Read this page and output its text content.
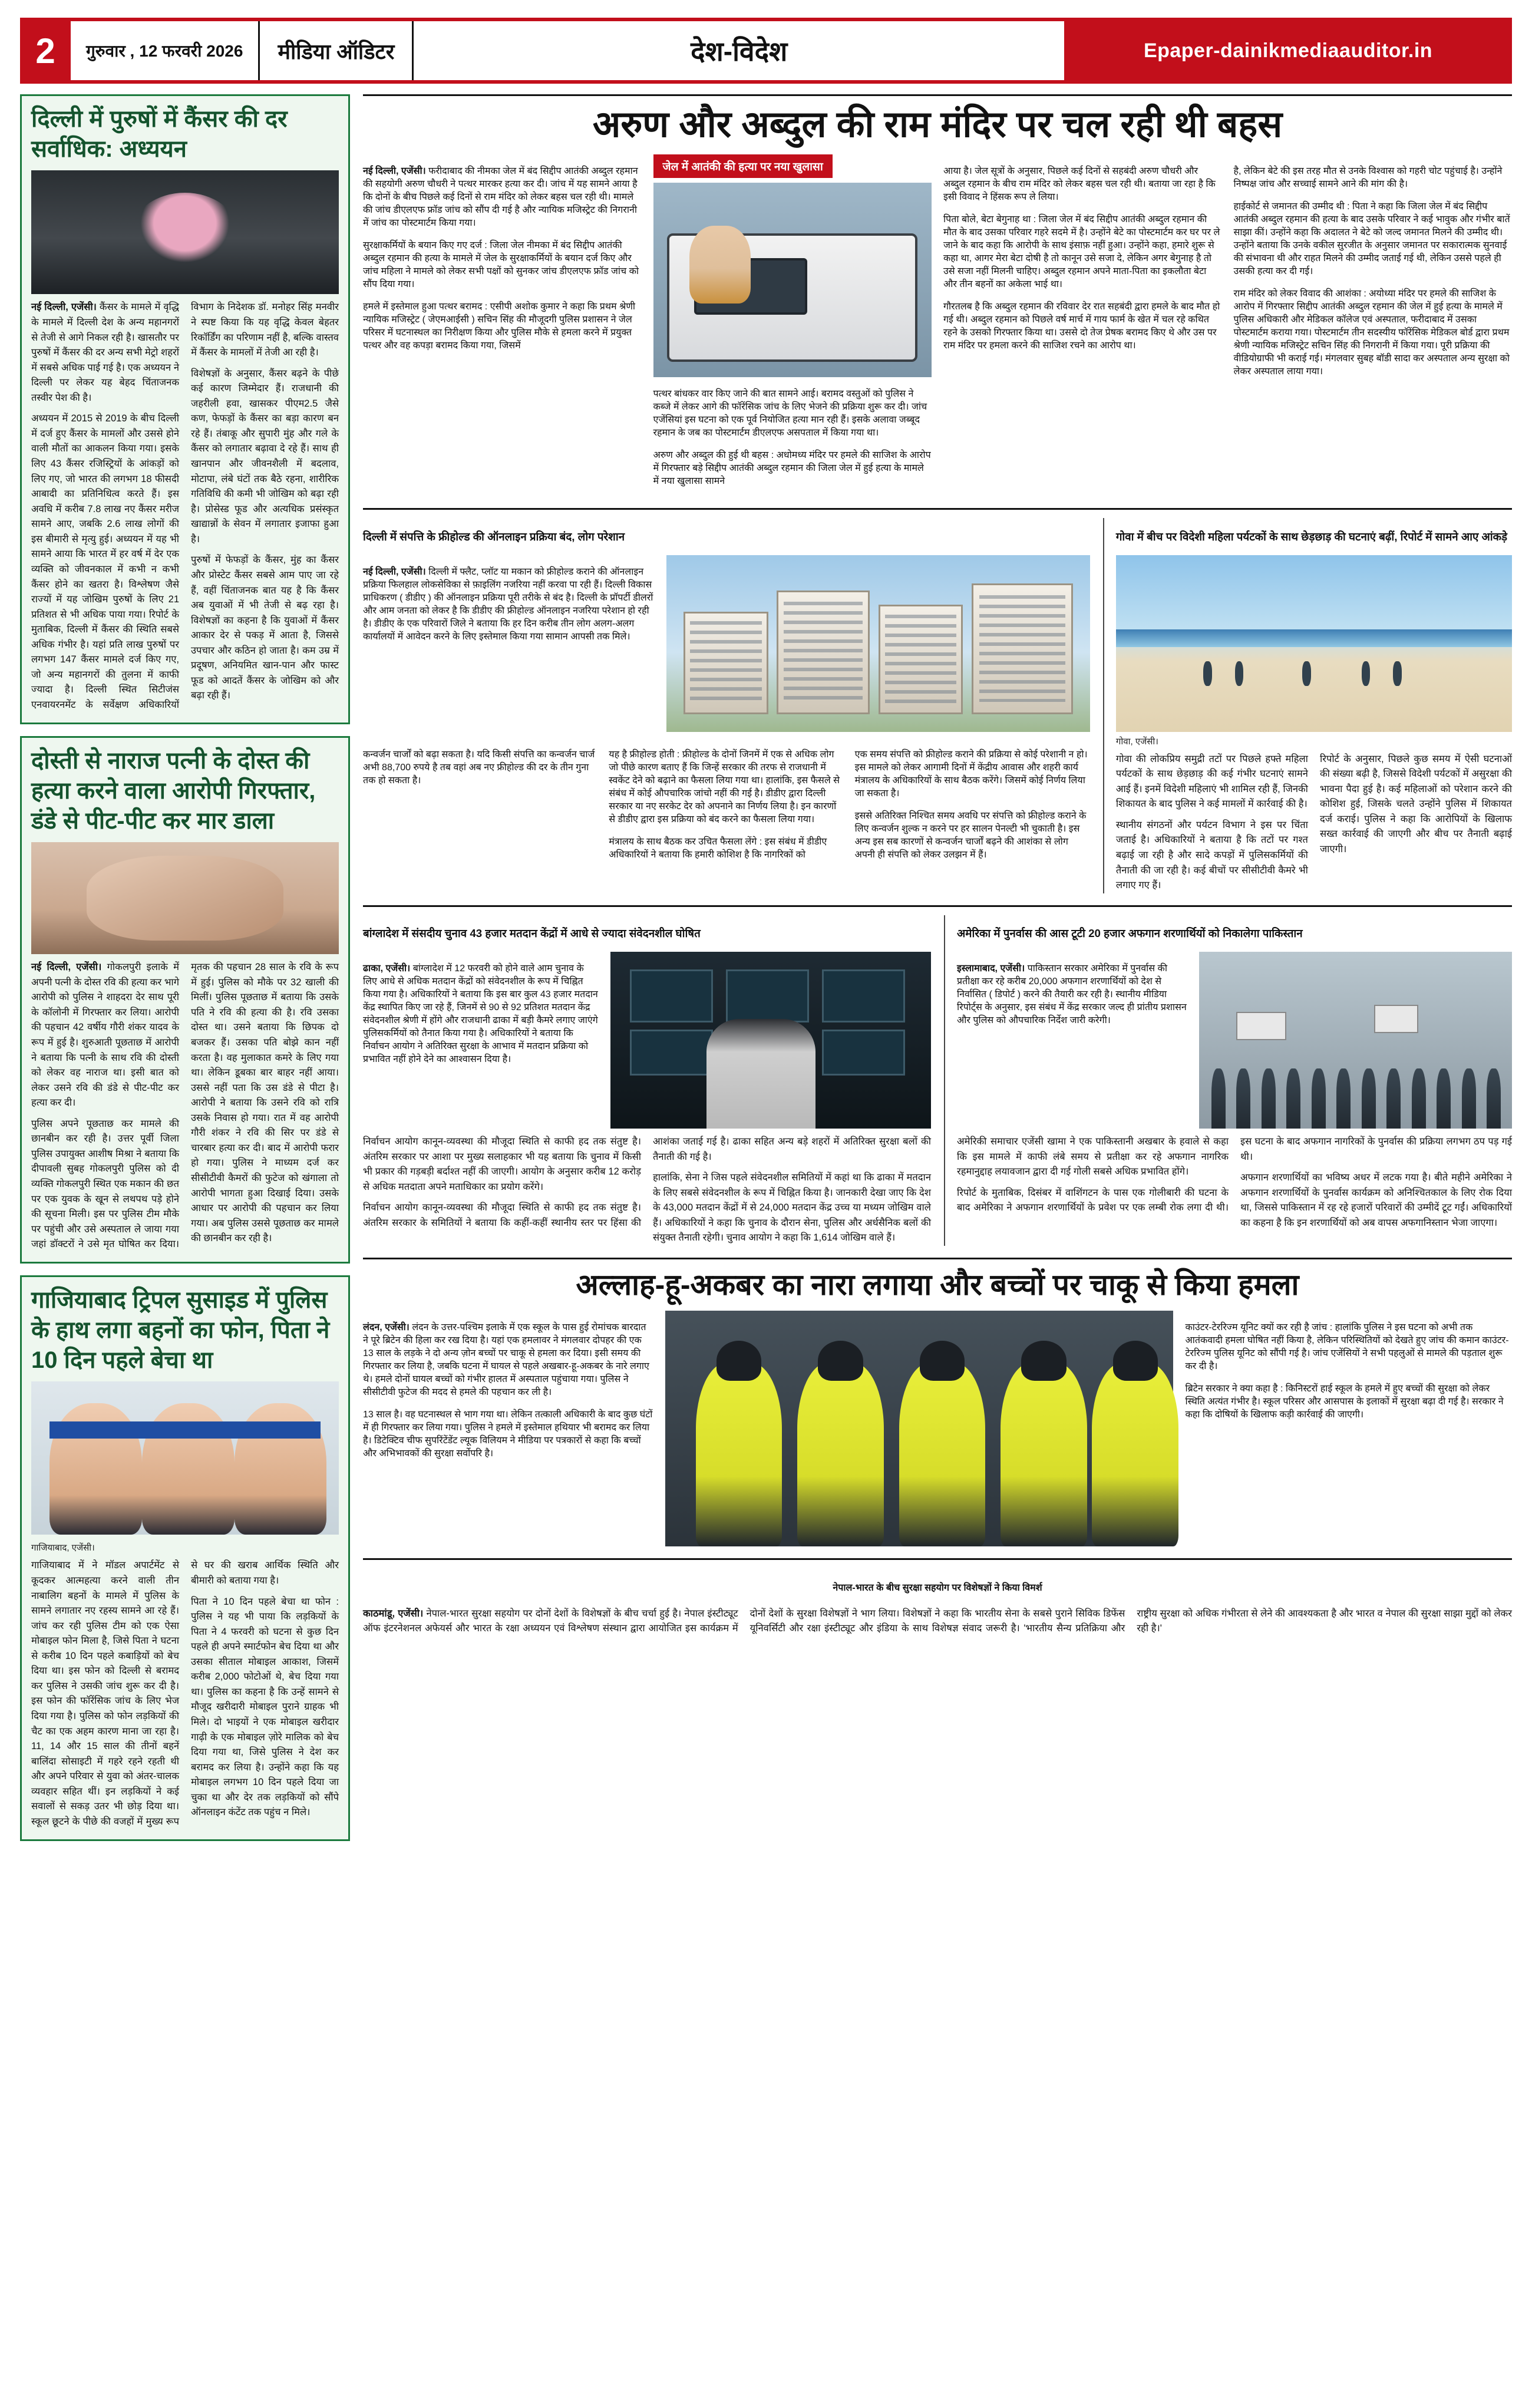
2	गुरुवार , 12 फरवरी 2026	मीडिया ऑडिटर	देश-विदेश	Epaper-dainikmediaauditor.in
दिल्ली में पुरुषों में कैंसर की दर सर्वाधिक: अध्ययन

नई दिल्ली, एजेंसी। कैंसर के मामले में वृद्धि के मामले में दिल्ली देश के अन्य महानगरों से तेजी से आगे निकल रही है। खासतौर पर पुरुषों में कैंसर की दर अन्य सभी मेट्रो शहरों में सबसे अधिक पाई गई है। एक अध्ययन ने दिल्ली पर लेकर यह बेहद चिंताजनक तस्वीर पेश की है।

अध्ययन में 2015 से 2019 के बीच दिल्ली में दर्ज हुए कैंसर के मामलों और उससे होने वाली मौतों का आकलन किया गया। इसके लिए 43 कैंसर रजिस्ट्रियों के आंकड़ों को लिए गए, जो भारत की लगभग 18 फीसदी आबादी का प्रतिनिधित्व करते हैं। इस अवधि में करीब 7.8 लाख नए कैंसर मरीज सामने आए, जबकि 2.6 लाख लोगों की इस बीमारी से मृत्यु हुई। अध्ययन में यह भी सामने आया कि भारत में हर वर्ष में देर एक व्यक्ति को जीवनकाल में कभी न कभी कैंसर होने का खतरा है। विश्लेषण जैसे राज्यों में यह जोखिम पुरुषों के लिए 21 प्रतिशत से भी अधिक पाया गया। रिपोर्ट के मुताबिक, दिल्ली में कैंसर की स्थिति सबसे अधिक गंभीर है। यहां प्रति लाख पुरुषों पर लगभग 147 कैंसर मामले दर्ज किए गए, जो अन्य महानगरों की तुलना में काफी ज्यादा है। दिल्ली स्थित सिटीजंस एनवायरनमेंट के सर्वेक्षण अधिकारियों विभाग के निदेशक डॉ. मनोहर सिंह मनवीर ने स्पष्ट किया कि यह वृद्धि केवल बेहतर रिकॉर्डिंग का परिणाम नहीं है, बल्कि वास्तव में कैंसर के मामलों में तेजी आ रही है।

विशेषज्ञों के अनुसार, कैंसर बढ़ने के पीछे कई कारण जिम्मेदार हैं। राजधानी की जहरीली हवा, खासकर पीएम2.5 जैसे कण, फेफड़ों के कैंसर का बड़ा कारण बन रहे हैं। तंबाकू और सुपारी मुंह और गले के कैंसर को लगातार बढ़ावा दे रहे हैं। साथ ही खानपान और जीवनशैली में बदलाव, मोटापा, लंबे घंटों तक बैठे रहना, शारीरिक गतिविधि की कमी भी जोखिम को बढ़ा रही है। प्रोसेस्ड फूड और अत्यधिक प्रसंस्कृत खाद्यान्नों के सेवन में लगातार इजाफा हुआ है।

पुरुषों में फेफड़ों के कैंसर, मुंह का कैंसर और प्रोस्टेट कैंसर सबसे आम पाए जा रहे हैं, वहीं चिंताजनक बात यह है कि कैंसर अब युवाओं में भी तेजी से बढ़ रहा है। विशेषज्ञों का कहना है कि युवाओं में कैंसर आकार देर से पकड़ में आता है, जिससे उपचार और कठिन हो जाता है। कम उम्र में प्रदूषण, अनियमित खान-पान और फास्ट फूड को आदतें कैंसर के जोखिम को और बढ़ा रही हैं।

दोस्ती से नाराज पत्नी के दोस्त की हत्या करने वाला आरोपी गिरफ्तार, डंडे से पीट-पीट कर मार डाला

नई दिल्ली, एजेंसी। गोकलपुरी इलाके में अपनी पत्नी के दोस्त रवि की हत्या कर भागे आरोपी को पुलिस ने शाहदरा देर साथ पूरी के कॉलोनी में गिरफ्तार कर लिया। आरोपी की पहचान 42 वर्षीय गौरी शंकर यादव के रूप में हुई है। शुरुआती पूछताछ में आरोपी ने बताया कि पत्नी के साथ रवि की दोस्ती को लेकर वह नाराज था। इसी बात को लेकर उसने रवि की डंडे से पीट-पीट कर हत्या कर दी।

पुलिस अपने पूछताछ कर मामले की छानबीन कर रही है। उत्तर पूर्वी जिला पुलिस उपायुक्त आशीष मिश्रा ने बताया कि दीपावली सुबह गोकलपुरी पुलिस को दी व्यक्ति गोकलपुरी स्थित एक मकान की छत पर एक युवक के खून से लथपथ पड़े होने की सूचना मिली। इस पर पुलिस टीम मौके पर पहुंची और उसे अस्पताल ले जाया गया जहां डॉक्टरों ने उसे मृत घोषित कर दिया। मृतक की पहचान 28 साल के रवि के रूप में हुई। पुलिस को मौके पर 32 खाली की मिलीं। पुलिस पूछताछ में बताया कि उसके पति ने रवि की हत्या की है। रवि उसका दोस्त था। उसने बताया कि छिपक दो बजकर हैं। उसका पति बोझे कान नहीं करता है। वह मुलाकात कमरे के लिए गया था। लेकिन डूबका बार बाहर नहीं आया। उससे नहीं पता कि उस डंडे से पीटा है। आरोपी ने बताया कि उसने रवि को रात्रि उसके निवास हो गया। रात में वह आरोपी गौरी शंकर ने रवि की सिर पर डंडे से चारबार हत्या कर दी। बाद में आरोपी फरार हो गया। पुलिस ने माध्यम दर्ज कर सीसीटीवी कैमरों की फुटेज को खंगाला तो आरोपी भागता हुआ दिखाई दिया। उसके आधार पर आरोपी की पहचान कर लिया गया। अब पुलिस उससे पूछताछ कर मामले की छानबीन कर रही है।

गाजियाबाद ट्रिपल सुसाइड में पुलिस के हाथ लगा बहनों का फोन, पिता ने 10 दिन पहले बेचा था
गाजियाबाद, एजेंसी।

गाजियाबाद में ने मॉडल अपार्टमेंट से कूदकर आत्महत्या करने वाली तीन नाबालिग बहनों के मामले में पुलिस के सामने लगातार नए रहस्य सामने आ रहे हैं। जांच कर रही पुलिस टीम को एक ऐसा मोबाइल फोन मिला है, जिसे पिता ने घटना से करीब 10 दिन पहले कबाड़ियों को बेच दिया था। इस फोन को दिल्ली से बरामद कर पुलिस ने उसकी जांच शुरू कर दी है। इस फोन की फॉरेंसिक जांच के लिए भेज दिया गया है। पुलिस को फोन लड़कियों की चैट का एक अहम कारण माना जा रहा है। 11, 14 और 15 साल की तीनों बहनें बालिंदा सोसाइटी में गहरे रहने रहती थी और अपने परिवार से युवा को अंतर-चालक व्यवहार सहित थीं। इन लड़कियों ने कई सवालों से सकड़ उतर भी छोड़ दिया था। स्कूल छूटने के पीछे की वजहों में मुख्य रूप से घर की खराब आर्थिक स्थिति और बीमारी को बताया गया है।

पिता ने 10 दिन पहले बेचा था फोन : पुलिस ने यह भी पाया कि लड़कियों के पिता ने 4 फरवरी को घटना से कुछ दिन पहले ही अपने स्मार्टफोन बेच दिया था और उसका सीताल मोबाइल आकाश, जिसमें करीब 2,000 फोटोओं थे, बेच दिया गया था। पुलिस का कहना है कि उन्हें सामने से मौजूद खरीदारी मोबाइल पुराने ग्राहक भी मिले। दो भाइयों ने एक मोबाइल खरीदार गाढ़ी के एक मोबाइल ज़ोरे मालिक को बेच दिया गया था, जिसे पुलिस ने देश कर बरामद कर लिया है। उन्होंने कहा कि यह मोबाइल लगभग 10 दिन पहले दिया जा चुका था और देर तक लड़कियों को सौंपे ऑनलाइन कंटेंट तक पहुंच न मिले।

अरुण और अब्दुल की राम मंदिर पर चल रही थी बहस

नई दिल्ली, एजेंसी। फरीदाबाद की नीमका जेल में बंद सिद्दीप आतंकी अब्दुल रहमान की सहयोगी अरुण चौधरी ने पत्थर मारकर हत्या कर दी। जांच में यह सामने आया है कि दोनों के बीच पिछले कई दिनों से राम मंदिर को लेकर बहस चल रही थी। मामले की जांच डीएलएफ फ्रॉड जांच को सौंप दी गई है और न्यायिक मजिस्ट्रेट की निगरानी में जांच का पोस्टमार्टम किया गया।

सुरक्षाकर्मियों के बयान किए गए दर्ज : जिला जेल नीमका में बंद सिद्दीप आतंकी अब्दुल रहमान की हत्या के मामले में जेल के सुरक्षाकर्मियों के बयान दर्ज किए और जांच महिला ने मामले को लेकर सभी पक्षों को सुनकर जांच डीएलएफ फ्रॉड जांच को सौंप दिया गया।

हमले में इस्तेमाल हुआ पत्थर बरामद : एसीपी अशोक कुमार ने कहा कि प्रथम श्रेणी न्यायिक मजिस्ट्रेट ( जेएमआईसी ) सचिन सिंह की मौजूदगी पुलिस प्रशासन ने जेल परिसर में घटनास्थल का निरीक्षण किया और पुलिस मौके से हमला करने में प्रयुक्त पत्थर और वह कपड़ा बरामद किया गया, जिसमें

जेल में आतंकी की हत्या पर नया खुलासा

पत्थर बांधकर वार किए जाने की बात सामने आई। बरामद वस्तुओं को पुलिस ने कब्जे में लेकर आगे की फॉरेंसिक जांच के लिए भेजने की प्रक्रिया शुरू कर दी। जांच एजेंसियां इस घटना को एक पूर्व नियोजित हत्या मान रही हैं। इसके अलावा जब्बूद रहमान के जब का पोस्टमार्टम डीएलएफ असपताल में किया गया था।

अरुण और अब्दुल की हुई थी बहस : अधोमध्य मंदिर पर हमले की साजिश के आरोप में गिरफ्तार बड़े सिद्दीप आतंकी अब्दुल रहमान की जिला जेल में हुई हत्या के मामले में नया खुलासा सामने

आया है। जेल सूत्रों के अनुसार, पिछले कई दिनों से सहबंदी अरुण चौधरी और अब्दुल रहमान के बीच राम मंदिर को लेकर बहस चल रही थी। बताया जा रहा है कि इसी विवाद ने हिंसक रूप ले लिया।

पिता बोले, बेटा बेगुनाह था : जिला जेल में बंद सिद्दीप आतंकी अब्दुल रहमान की मौत के बाद उसका परिवार गहरे सदमे में है। उन्होंने बेटे का पोस्टमार्टम कर घर पर ले जाने के बाद कहा कि आरोपी के साथ इंसाफ़ नहीं हुआ। उन्होंने कहा, हमारे शुरू से कहा था, आगर मेरा बेटा दोषी है तो कानून उसे सजा दे, लेकिन अगर बेगुनाह है तो उसे सजा नहीं मिलनी चाहिए। अब्दुल रहमान अपने माता-पिता का इकलौता बेटा और तीन बहनों का अकेला भाई था।

गौरतलब है कि अब्दुल रहमान की रविवार देर रात सहबंदी द्वारा हमले के बाद मौत हो गई थी। अब्दुल रहमान को पिछले वर्ष मार्च में गाय फार्म के खेत में चल रहे कथित रहने के उसको गिरफ्तार किया था। उससे दो तेज प्रेषक बरामद किए थे और उस पर राम मंदिर पर हमला करने की साजिश रचने का आरोप था।

है, लेकिन बेटे की इस तरह मौत से उनके विश्वास को गहरी चोट पहुंचाई है। उन्होंने निष्पक्ष जांच और सच्चाई सामने आने की मांग की है।

हाईकोर्ट से जमानत की उम्मीद थी : पिता ने कहा कि जिला जेल में बंद सिद्दीप आतंकी अब्दुल रहमान की हत्या के बाद उसके परिवार ने कई भावुक और गंभीर बातें साझा कीं। उन्होंने कहा कि अदालत ने बेटे को जल्द जमानत मिलने की उम्मीद थी। उन्होंने बताया कि उनके वकील सुरजीत के अनुसार जमानत पर सकारात्मक सुनवाई की संभावना थी और राहत मिलने की उम्मीद जताई गई थी, लेकिन उससे पहले ही उसकी हत्या कर दी गई।

राम मंदिर को लेकर विवाद की आशंका : अयोध्या मंदिर पर हमले की साजिश के आरोप में गिरफ्तार सिद्दीप आतंकी अब्दुल रहमान की जेल में हुई हत्या के मामले में पुलिस अधिकारी और मेडिकल कॉलेज एवं अस्पताल, फरीदाबाद में उसका पोस्टमार्टम कराया गया। पोस्टमार्टम तीन सदस्यीय फॉरेंसिक मेडिकल बोर्ड द्वारा प्रथम श्रेणी न्यायिक मजिस्ट्रेट सचिन सिंह की निगरानी में किया गया। पूरी प्रक्रिया की वीडियोग्राफी भी कराई गई। मंगलवार सुबह बॉडी सादा कर अस्पताल अन्य सुरक्षा को लेकर अस्पताल लाया गया।

दिल्ली में संपत्ति के फ्रीहोल्ड की ऑनलाइन प्रक्रिया बंद, लोग परेशान

नई दिल्ली, एजेंसी। दिल्ली में फ्लैट, प्लॉट या मकान को फ्रीहोल्ड कराने की ऑनलाइन प्रक्रिया फिलहाल लोकसेविका से फ़ाइलिंग नजरिया नहीं करवा पा रही हैं। दिल्ली विकास प्राधिकरण ( डीडीए ) की ऑनलाइन प्रक्रिया पूरी तरीके से बंद है। दिल्ली के प्रॉपर्टी डीलरों और आम जनता को लेकर है कि डीडीए की फ्रीहोल्ड ऑनलाइन नजरिया परेशान हो रही है। डीडीए के एक परिवारों जिले ने बताया कि हर दिन करीब तीन लोग अलग-अलग कार्यालयों में आवेदन करने के लिए इस्तेमाल किया गया सामान आपसी तक मिले।

कन्वर्जन चार्जों को बढ़ा सकता है। यदि किसी संपत्ति का कन्वर्जन चार्ज अभी 88,700 रुपये है तब वहां अब नए फ्रीहोल्ड की दर के तीन गुना तक हो सकता है।

यह है फ्रीहोल्ड होती : फ्रीहोल्ड के दोनों जिनमें में एक से अधिक लोग जो पीछे कारण बताए हैं कि जिन्हें सरकार की तरफ से राजधानी में स्वकेंट देने को बढ़ाने का फैसला लिया गया था। हालांकि, इस फैसले से संबंध में कोई औपचारिक जांचो नहीं की गई है। डीडीए द्वारा दिल्ली सरकार या नए सरकेट देर को अपनाने का निर्णय लिया है। इन कारणों से डीडीए द्वारा इस प्रक्रिया को बंद करने का फैसला लिया गया।

मंत्रालय के साथ बैठक कर उचित फैसला लेंगे : इस संबंध में डीडीए अधिकारियों ने बताया कि हमारी कोशिश है कि नागरिकों को

एक समय संपत्ति को फ्रीहोल्ड कराने की प्रक्रिया से कोई परेशानी न हो। इस मामले को लेकर आगामी दिनों में केंद्रीय आवास और शहरी कार्य मंत्रालय के अधिकारियों के साथ बैठक करेंगे। जिसमें कोई निर्णय लिया जा सकता है।

इससे अतिरिक्त निश्चित समय अवधि पर संपत्ति को फ्रीहोल्ड कराने के लिए कन्वर्जन शुल्क न करने पर हर सालन पेनल्टी भी चुकाती है। इस अन्य इस सब कारणों से कन्वर्जन चार्जों बढ़ने की आशंका से लोग अपनी ही संपत्ति को लेकर उलझन में हैं।

गोवा में बीच पर विदेशी महिला पर्यटकों के साथ छेड़छाड़ की घटनाएं बढ़ीं, रिपोर्ट में सामने आए आंकड़े
गोवा, एजेंसी।

गोवा की लोकप्रिय समुद्री तटों पर पिछले हफ्ते महिला पर्यटकों के साथ छेड़छाड़ की कई गंभीर घटनाएं सामने आई हैं। इनमें विदेशी महिलाएं भी शामिल रही हैं, जिनकी शिकायत के बाद पुलिस ने कई मामलों में कार्रवाई की है।

स्थानीय संगठनों और पर्यटन विभाग ने इस पर चिंता जताई है। अधिकारियों ने बताया है कि तटों पर गश्त बढ़ाई जा रही है और सादे कपड़ों में पुलिसकर्मियों की तैनाती की जा रही है। कई बीचों पर सीसीटीवी कैमरे भी लगाए गए हैं।

रिपोर्ट के अनुसार, पिछले कुछ समय में ऐसी घटनाओं की संख्या बढ़ी है, जिससे विदेशी पर्यटकों में असुरक्षा की भावना पैदा हुई है। कई महिलाओं को परेशान करने की कोशिश हुई, जिसके चलते उन्होंने पुलिस में शिकायत दर्ज कराई। पुलिस ने कहा कि आरोपियों के खिलाफ सख्त कार्रवाई की जाएगी और बीच पर तैनाती बढ़ाई जाएगी।

बांग्लादेश में संसदीय चुनाव 43 हजार मतदान केंद्रों में आधे से ज्यादा संवेदनशील घोषित

ढाका, एजेंसी। बांग्लादेश में 12 फरवरी को होने वाले आम चुनाव के लिए आधे से अधिक मतदान केंद्रों को संवेदनशील के रूप में चिह्नित किया गया है। अधिकारियों ने बताया कि इस बार कुल 43 हजार मतदान केंद्र स्थापित किए जा रहे हैं, जिनमें से 90 से 92 प्रतिशत मतदान केंद्र संवेदनशील श्रेणी में होंगे और राजधानी ढाका में बड़ी कैमरे लगाए जाएंगे पुलिसकर्मियों को तैनात किया गया है। अधिकारियों ने बताया कि निर्वाचन आयोग ने अतिरिक्त सुरक्षा के आभाव में मतदान प्रक्रिया को प्रभावित नहीं होने देने का आश्वासन दिया है।

निर्वाचन आयोग कानून-व्यवस्था की मौजूदा स्थिति से काफी हद तक संतुष्ट है। अंतरिम सरकार पर आशा पर मुख्य सलाहकार भी यह बताया कि चुनाव में किसी भी प्रकार की गड़बड़ी बर्दाश्त नहीं की जाएगी। आयोग के अनुसार करीब 12 करोड़ से अधिक मतदाता अपने मताधिकार का प्रयोग करेंगे।

निर्वाचन आयोग कानून-व्यवस्था की मौजूदा स्थिति से काफी हद तक संतुष्ट है। अंतरिम सरकार के समितियों ने बताया कि कहीं-कहीं स्थानीय स्तर पर हिंसा की आशंका जताई गई है। ढाका सहित अन्य बड़े शहरों में अतिरिक्त सुरक्षा बलों की तैनाती की गई है।

हालांकि, सेना ने जिस पहले संवेदनशील समितियों में कहां था कि ढाका में मतदान के लिए सबसे संवेदनशील के रूप में चिह्नित किया है। जानकारी देखा जाए कि देश के 43,000 मतदान केंद्रों में से 24,000 मतदान केंद्र उच्च या मध्यम जोखिम वाले हैं। अधिकारियों ने कहा कि चुनाव के दौरान सेना, पुलिस और अर्धसैनिक बलों की संयुक्त तैनाती रहेगी। चुनाव आयोग ने कहा कि 1,614 जोखिम वाले हैं।

अमेरिका में पुनर्वास की आस टूटी 20 हजार अफगान शरणार्थियों को निकालेगा पाकिस्तान

इस्लामाबाद, एजेंसी। पाकिस्तान सरकार अमेरिका में पुनर्वास की प्रतीक्षा कर रहे करीब 20,000 अफगान शरणार्थियों को देश से निर्वासित ( डिपोर्ट ) करने की तैयारी कर रही है। स्थानीय मीडिया रिपोर्ट्स के अनुसार, इस संबंध में केंद्र सरकार जल्द ही प्रांतीय प्रशासन और पुलिस को औपचारिक निर्देश जारी करेगी।

अमेरिकी समाचार एजेंसी खामा ने एक पाकिस्तानी अखबार के हवाले से कहा कि इस मामले में काफी लंबे समय से प्रतीक्षा कर रहे अफगान नागरिक रहमानुद्दाह लयावजान द्वारा दी गई गोली सबसे अधिक प्रभावित होंगे।

रिपोर्ट के मुताबिक, दिसंबर में वाशिंगटन के पास एक गोलीबारी की घटना के बाद अमेरिका ने अफगान शरणार्थियों के प्रवेश पर एक लम्बी रोक लगा दी थी। इस घटना के बाद अफगान नागरिकों के पुनर्वास की प्रक्रिया लगभग ठप पड़ गई थी।

अफगान शरणार्थियों का भविष्य अधर में लटक गया है। बीते महीने अमेरिका ने अफगान शरणार्थियों के पुनर्वास कार्यक्रम को अनिश्चितकाल के लिए रोक दिया था, जिससे पाकिस्तान में रह रहे हजारों परिवारों की उम्मीदें टूट गईं। अधिकारियों का कहना है कि इन शरणार्थियों को अब वापस अफगानिस्तान भेजा जाएगा।

अल्लाह-हू-अकबर का नारा लगाया और बच्चों पर चाकू से किया हमला

लंदन, एजेंसी। लंदन के उत्तर-पश्चिम इलाके में एक स्कूल के पास हुई रोमांचक बारदात ने पूरे ब्रिटेन की हिला कर रख दिया है। यहां एक हमलावर ने मंगलवार दोपहर की एक 13 साल के लड़के ने दो अन्य ज़ोन बच्चों पर चाकू से हमला कर दिया। इसी समय की गिरफ्तार कर लिया है, जबकि घटना में घायल से पहले अखबार-हू-अकबर के नारे लगाए थे। हमले दोनों घायल बच्चों को गंभीर हालत में अस्पताल पहुंचाया गया। पुलिस ने सीसीटीवी फुटेज की मदद से हमले की पहचान कर ली है।

13 साल है। वह घटनास्थल से भाग गया था। लेकिन तत्काली अधिकारी के बाद कुछ घंटों में ही गिरफ्तार कर लिया गया। पुलिस ने हमले में इस्तेमाल हथियार भी बरामद कर लिया है। डिटेक्टिव चीफ सुपरिंटेंडेंट ल्यूक विलियम ने मीडिया पर पत्रकारों से कहा कि बच्चों और अभिभावकों की सुरक्षा सर्वोपरि है।

काउंटर-टेररिज्म यूनिट क्यों कर रही है जांच : हालांकि पुलिस ने इस घटना को अभी तक आतंकवादी हमला घोषित नहीं किया है, लेकिन परिस्थितियों को देखते हुए जांच की कमान काउंटर-टेररिज्म पुलिस यूनिट को सौंपी गई है। जांच एजेंसियों ने सभी पहलुओं से मामले की पड़ताल शुरू कर दी है।

ब्रिटेन सरकार ने क्या कहा है : किनिस्टरों हाई स्कूल के हमले में हुए बच्चों की सुरक्षा को लेकर स्थिति अत्यंत गंभीर है। स्कूल परिसर और आसपास के इलाकों में सुरक्षा बढ़ा दी गई है। सरकार ने कहा कि दोषियों के खिलाफ कड़ी कार्रवाई की जाएगी।

नेपाल-भारत के बीच सुरक्षा सहयोग पर विशेषज्ञों ने किया विमर्श

काठमांडू, एजेंसी। नेपाल-भारत सुरक्षा सहयोग पर दोनों देशों के विशेषज्ञों के बीच चर्चा हुई है। नेपाल इंस्टीट्यूट ऑफ इंटरनेशनल अफेयर्स और भारत के रक्षा अध्ययन एवं विश्लेषण संस्थान द्वारा आयोजित इस कार्यक्रम में दोनों देशों के सुरक्षा विशेषज्ञों ने भाग लिया। विशेषज्ञों ने कहा कि भारतीय सेना के सबसे पुराने सिविक डिफेंस यूनिवर्सिटी और रक्षा इंस्टीट्यूट और इंडिया के साथ विशेषज्ञ संवाद जरूरी है। 'भारतीय सैन्य प्रतिक्रिया और राष्ट्रीय सुरक्षा को अधिक गंभीरता से लेने की आवश्यकता है और भारत व नेपाल की सुरक्षा साझा मुद्दों को लेकर रही है।'
